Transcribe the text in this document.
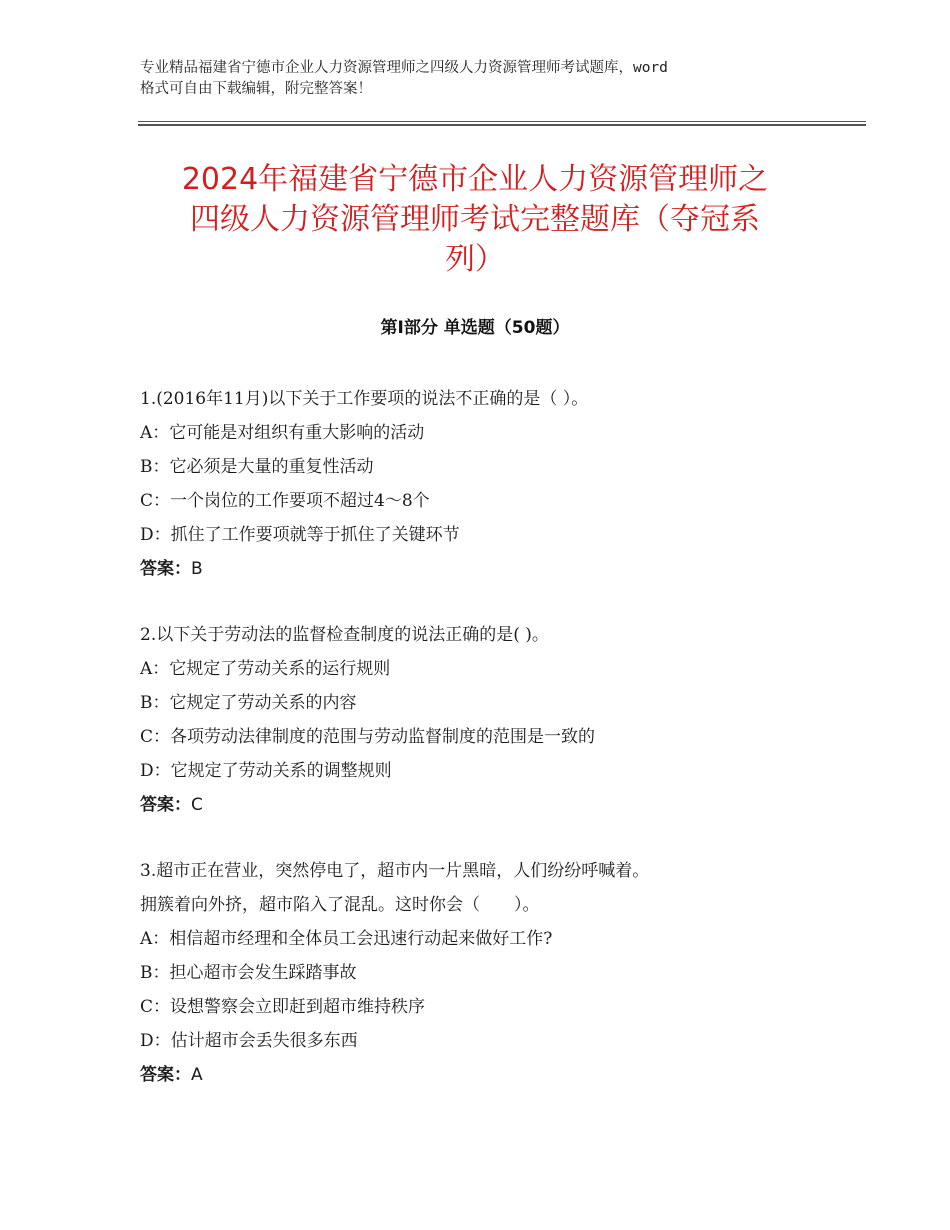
专业精品福建省宁德市企业人力资源管理师之四级人力资源管理师考试题库，word
格式可自由下载编辑，附完整答案！
2024年福建省宁德市企业人力资源管理师之
四级人力资源管理师考试完整题库（夺冠系
列）
第Ⅰ部分 单选题（50题）
1.(2016年11月)以下关于工作要项的说法不正确的是（ ）。
A：它可能是对组织有重大影响的活动
B：它必须是大量的重复性活动
C：一个岗位的工作要项不超过4～8个
D：抓住了工作要项就等于抓住了关键环节
答案：B
2.以下关于劳动法的监督检查制度的说法正确的是( )。
A：它规定了劳动关系的运行规则
B：它规定了劳动关系的内容
C：各项劳动法律制度的范围与劳动监督制度的范围是一致的
D：它规定了劳动关系的调整规则
答案：C
3.超市正在营业，突然停电了，超市内一片黑暗，人们纷纷呼喊着。
拥簇着向外挤，超市陷入了混乱。这时你会（　　）。
A：相信超市经理和全体员工会迅速行动起来做好工作?
B：担心超市会发生踩踏事故
C：设想警察会立即赶到超市维持秩序
D：估计超市会丢失很多东西
答案：A
